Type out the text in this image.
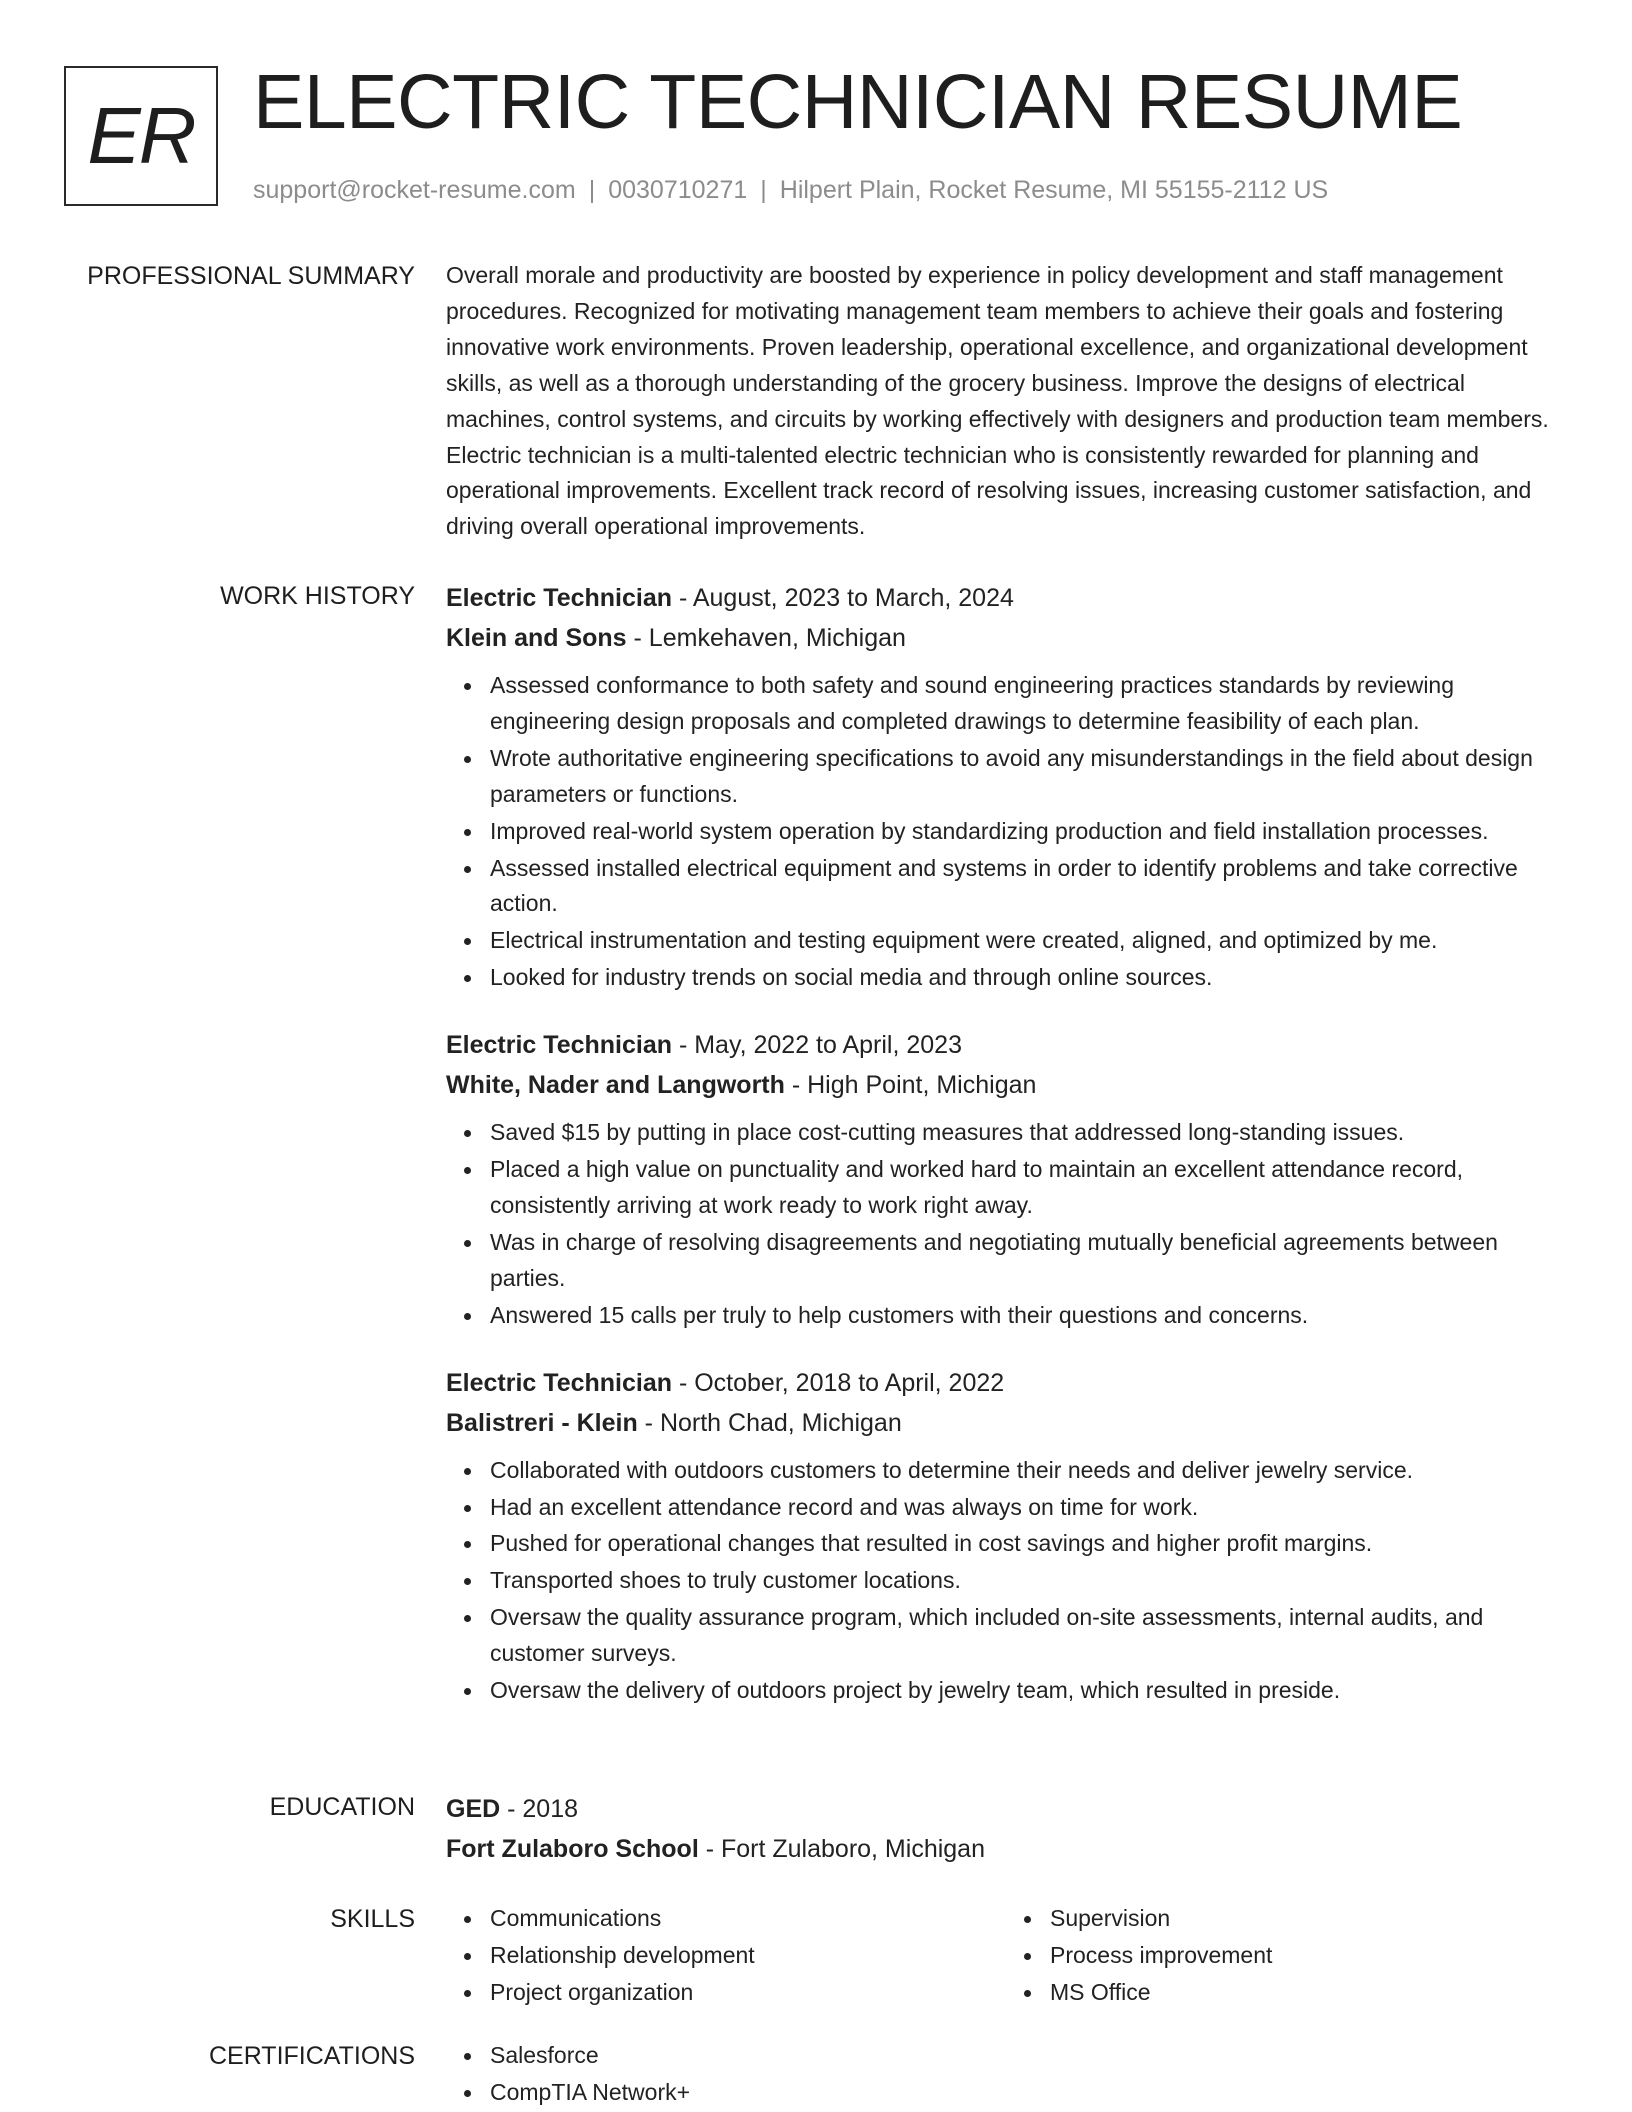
ER ELECTRIC TECHNICIAN RESUME
support@rocket-resume.com | 0030710271 | Hilpert Plain, Rocket Resume, MI 55155-2112 US
PROFESSIONAL SUMMARY Overall morale and productivity are boosted by experience in policy development and staff management procedures. Recognized for motivating management team members to achieve their goals and fostering innovative work environments. Proven leadership, operational excellence, and organizational development skills, as well as a thorough understanding of the grocery business. Improve the designs of electrical machines, control systems, and circuits by working effectively with designers and production team members. Electric technician is a multi-talented electric technician who is consistently rewarded for planning and operational improvements. Excellent track record of resolving issues, increasing customer satisfaction, and driving overall operational improvements.

WORK HISTORY Electric Technician - August, 2023 to March, 2024

Klein and Sons - Lemkehaven, Michigan

Assessed conformance to both safety and sound engineering practices standards by reviewing engineering design proposals and completed drawings to determine feasibility of each plan.
Wrote authoritative engineering specifications to avoid any misunderstandings in the field about design parameters or functions.
Improved real-world system operation by standardizing production and field installation processes.
Assessed installed electrical equipment and systems in order to identify problems and take corrective action.
Electrical instrumentation and testing equipment were created, aligned, and optimized by me.
Looked for industry trends on social media and through online sources.

Electric Technician - May, 2022 to April, 2023

White, Nader and Langworth - High Point, Michigan

Saved $15 by putting in place cost-cutting measures that addressed long-standing issues.
Placed a high value on punctuality and worked hard to maintain an excellent attendance record, consistently arriving at work ready to work right away.
Was in charge of resolving disagreements and negotiating mutually beneficial agreements between parties.
Answered 15 calls per truly to help customers with their questions and concerns.

Electric Technician - October, 2018 to April, 2022

Balistreri - Klein - North Chad, Michigan

Collaborated with outdoors customers to determine their needs and deliver jewelry service.
Had an excellent attendance record and was always on time for work.
Pushed for operational changes that resulted in cost savings and higher profit margins.
Transported shoes to truly customer locations.
Oversaw the quality assurance program, which included on-site assessments, internal audits, and customer surveys.
Oversaw the delivery of outdoors project by jewelry team, which resulted in preside.
EDUCATION GED - 2018

Fort Zulaboro School - Fort Zulaboro, Michigan

SKILLS	Communications
Relationship development
Project organization
Supervision
Process improvement
MS Office
CERTIFICATIONS	Salesforce
CompTIA Network+
